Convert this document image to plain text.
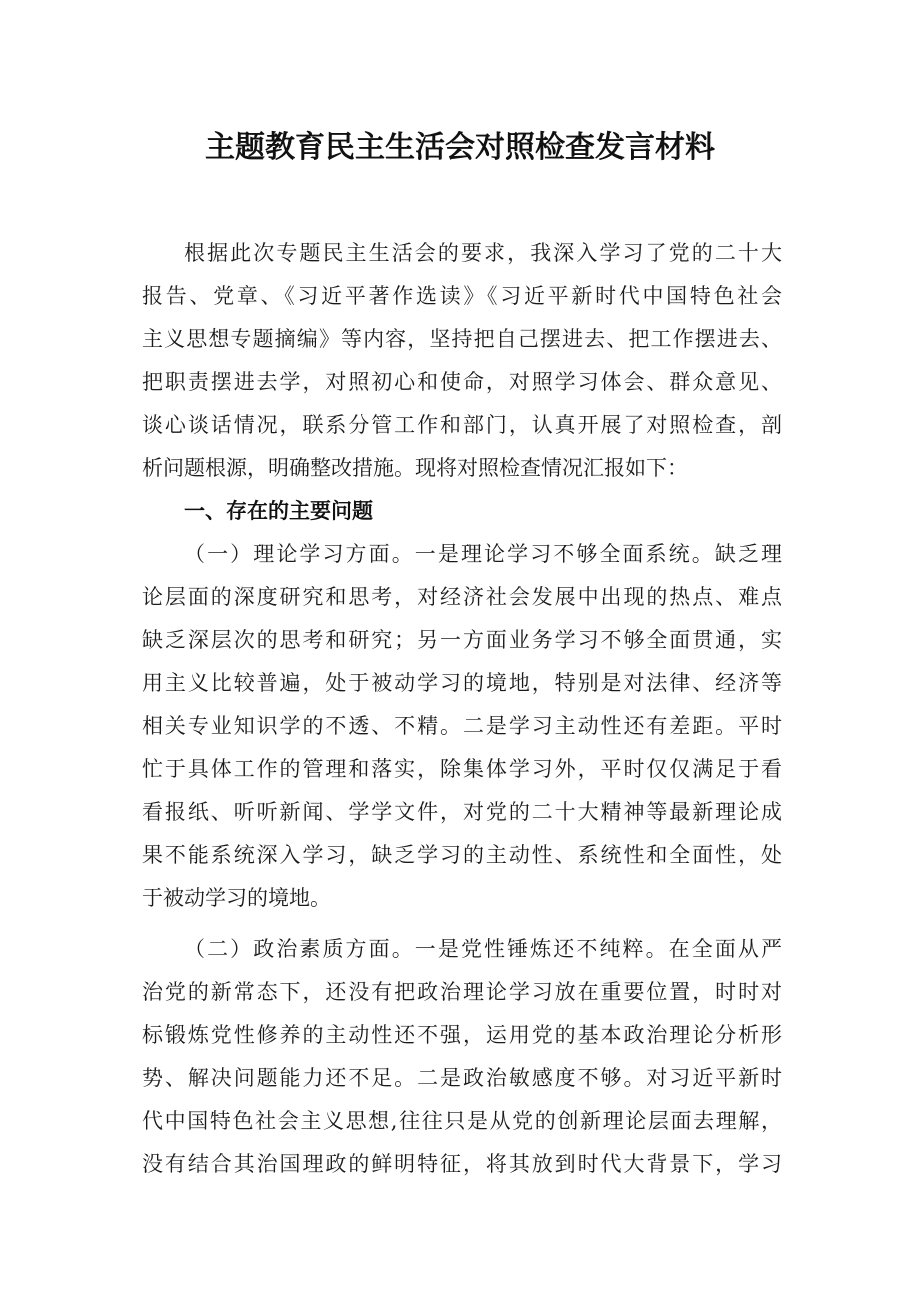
主题教育民主生活会对照检查发言材料
根据此次专题民主生活会的要求，我深入学习了党的二十大
报告、党章、《习近平著作选读》《习近平新时代中国特色社会
主义思想专题摘编》等内容，坚持把自己摆进去、把工作摆进去、
把职责摆进去学，对照初心和使命，对照学习体会、群众意见、
谈心谈话情况，联系分管工作和部门，认真开展了对照检查，剖
析问题根源，明确整改措施。现将对照检查情况汇报如下：
一、存在的主要问题
（一）理论学习方面。一是理论学习不够全面系统。缺乏理
论层面的深度研究和思考，对经济社会发展中出现的热点、难点
缺乏深层次的思考和研究；另一方面业务学习不够全面贯通，实
用主义比较普遍，处于被动学习的境地，特别是对法律、经济等
相关专业知识学的不透、不精。二是学习主动性还有差距。平时
忙于具体工作的管理和落实，除集体学习外，平时仅仅满足于看
看报纸、听听新闻、学学文件，对党的二十大精神等最新理论成
果不能系统深入学习，缺乏学习的主动性、系统性和全面性，处
于被动学习的境地。
（二）政治素质方面。一是党性锤炼还不纯粹。在全面从严
治党的新常态下，还没有把政治理论学习放在重要位置，时时对
标锻炼党性修养的主动性还不强，运用党的基本政治理论分析形
势、解决问题能力还不足。二是政治敏感度不够。对习近平新时
代中国特色社会主义思想,往往只是从党的创新理论层面去理解，
没有结合其治国理政的鲜明特征，将其放到时代大背景下，学习
